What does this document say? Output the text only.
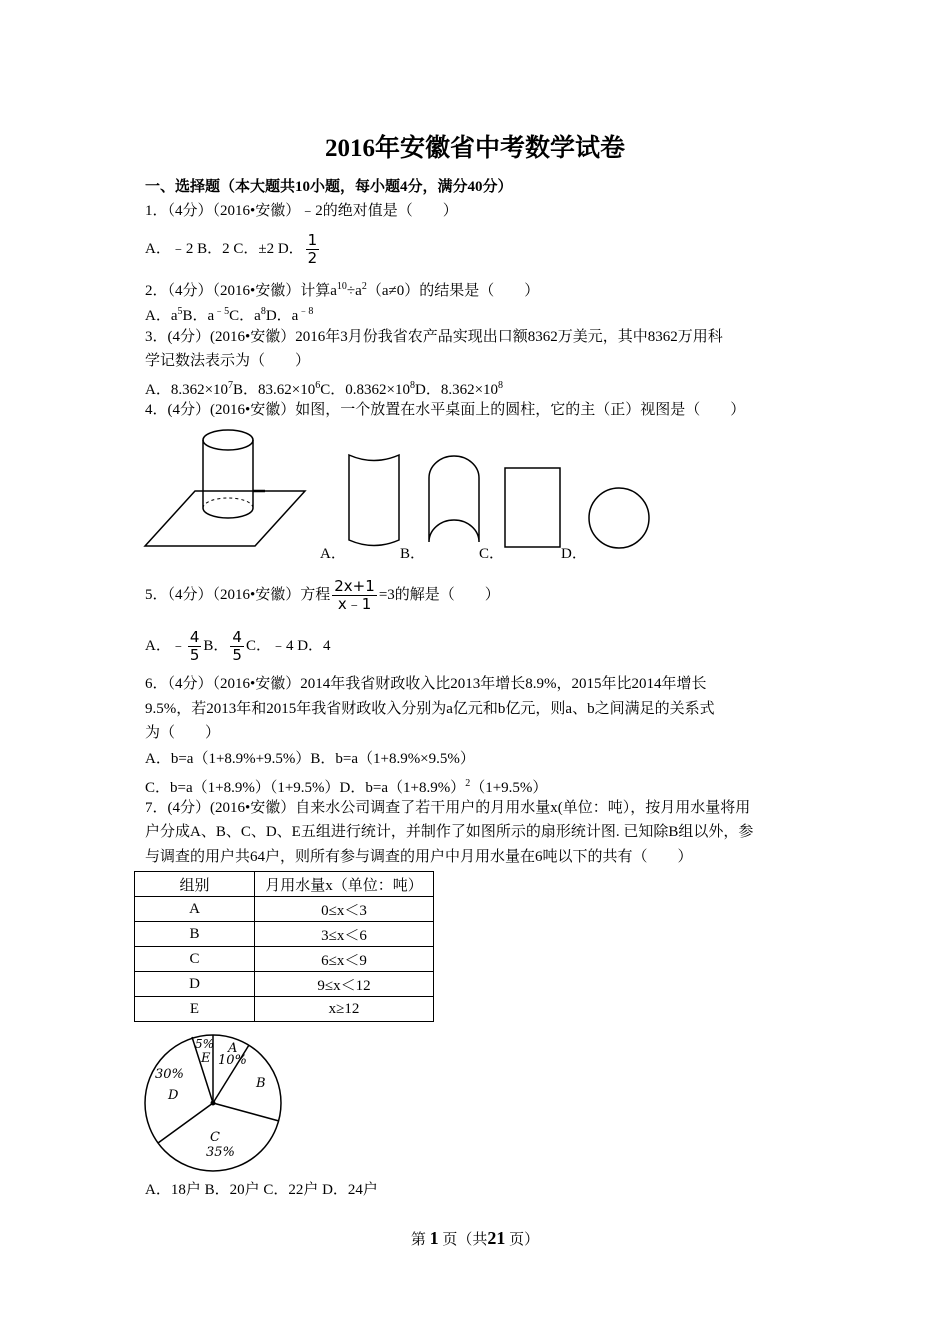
2016年安徽省中考数学试卷
一、选择题（本大题共10小题，每小题4分，满分40分）
1．（4分）（2016•安徽）﹣2的绝对值是（　　）
A．﹣2 B．2 C．±2 D． $\frac{1}{2}$
2．（4分）（2016•安徽）计算$a^{10}\div a^2(a\ne 0)$的结果是（　　）
A．$a^5B$．$a^{﹣5}C$．$a^8D$．$a^{﹣8}$
3．(4分）(2016•安徽）2016年3月份我省农产品实现出口额8362万美元，其中8362万用科
学记数法表示为（　　）
A．$8.362\times 10^7B$．$83.62\times 10^6C$．$0.8362\times 10^8D$．$8.362\times 10^8$
4．(4分）(2016•安徽）如图，一个放置在水平桌面上的圆柱，它的主（正）视图是（　　）
A．	B．	C．	D．
5．（4分）（2016•安徽）方程 $\frac{2x+1}{x﹣1} =3$的解是（　　）
A．﹣ $\frac{4}{5}$ B． $\frac{4}{5}$ C．﹣4 D．4
6．（4分）（2016•安徽）2014年我省财政收入比2013年增长8.9%，2015年比2014年增长
9.5%，若2013年和2015年我省财政收入分别为a亿元和b亿元，则a、b之间满足的关系式
为（　　）
A．b=a（1+8.9%+9.5%）B．b=a（1+8.9%×9.5%）
C．b=a（1+8.9%）（1+9.5%）D．$b=a(1+8.9\%)^2(1+9.5\%)$
7．(4分）(2016•安徽）自来水公司调查了若干用户的月用水量x(单位：吨），按月用水量将用
户分成A、B、C、D、E五组进行统计，并制作了如图所示的扇形统计图. 已知除B组以外，参
与调查的用户共64户，则所有参与调查的用户中月用水量在6吨以下的共有（　　）
组别	月用水量x（单位：吨）
A	0≤x＜3
B	3≤x＜6
C	6≤x＜9
D	9≤x＜12
E	x≥12
5%
E
A
10%
B
30%
D
C
35%
A．18户 B．20户 C．22户 D．24户
第 1 页（共21 页）
